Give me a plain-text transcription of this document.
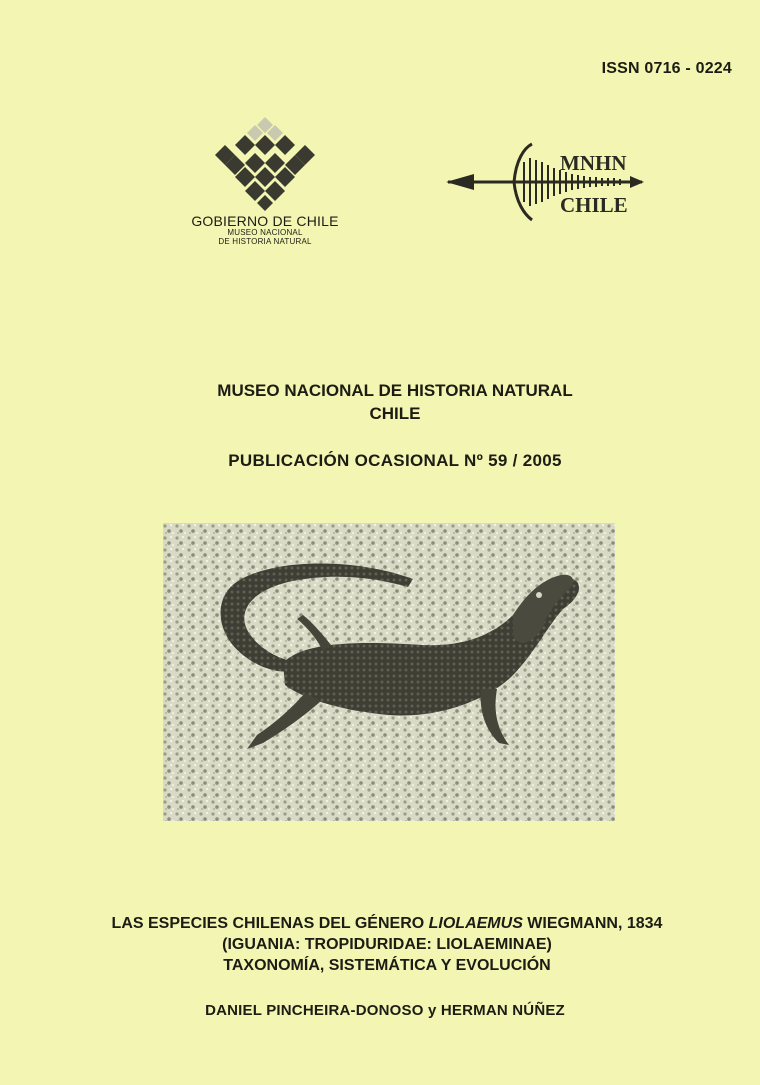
ISSN 0716 - 0224
GOBIERNO DE CHILE
MUSEO NACIONAL
DE HISTORIA NATURAL
MNHN
CHILE
MUSEO NACIONAL DE HISTORIA NATURAL
CHILE
PUBLICACIÓN OCASIONAL Nº 59 / 2005
LAS ESPECIES CHILENAS DEL GÉNERO LIOLAEMUS WIEGMANN, 1834
(IGUANIA: TROPIDURIDAE: LIOLAEMINAE)
TAXONOMÍA, SISTEMÁTICA Y EVOLUCIÓN
DANIEL PINCHEIRA-DONOSO y HERMAN NÚÑEZ
